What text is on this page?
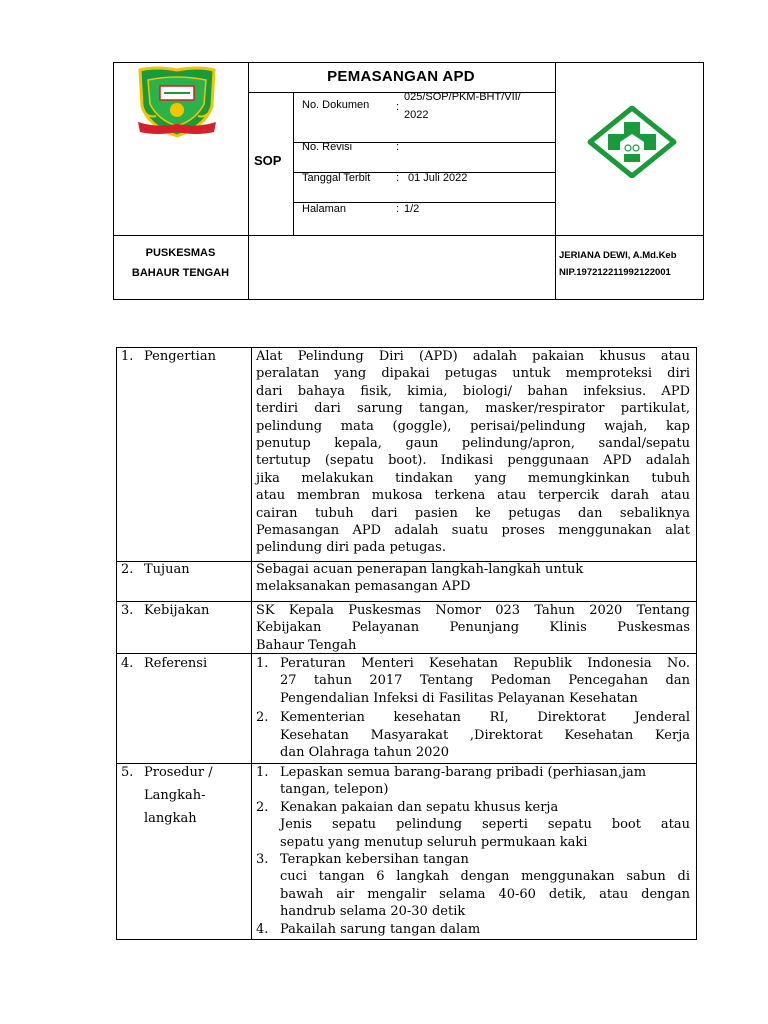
PEMASANGAN APD
SOP
No. Dokumen :
025/SOP/PKM-BHT/VII/
2022
No. Revisi	:
Tanggal Terbit : 01 Juli 2022
Halaman	: 1/2
PUSKESMAS
BAHAUR TENGAH
JERIANA DEWI, A.Md.Keb
NIP.197212211992122001
1. Pengertian
2. Tujuan
3. Kebijakan
4. Referensi
5. Prosedur /
Langkah-
langkah
Alat Pelindung Diri (APD) adalah pakaian khusus atau
peralatan yang dipakai petugas untuk memproteksi diri
dari bahaya fisik, kimia, biologi/ bahan infeksius. APD
terdiri dari sarung tangan, masker/respirator partikulat,
pelindung mata (goggle), perisai/pelindung wajah, kap
penutup kepala, gaun pelindung/apron, sandal/sepatu
tertutup (sepatu boot). Indikasi penggunaan APD adalah
jika melakukan tindakan yang memungkinkan tubuh
atau membran mukosa terkena atau terpercik darah atau
cairan tubuh dari pasien ke petugas dan sebaliknya
Pemasangan APD adalah suatu proses menggunakan alat
pelindung diri pada petugas.
Sebagai acuan penerapan langkah-langkah untuk
melaksanakan pemasangan APD
SK Kepala Puskesmas Nomor 023 Tahun 2020 Tentang
Kebijakan Pelayanan Penunjang Klinis Puskesmas
Bahaur Tengah
1. Peraturan Menteri Kesehatan Republik Indonesia No.
27 tahun 2017 Tentang Pedoman Pencegahan dan
Pengendalian Infeksi di Fasilitas Pelayanan Kesehatan
2. Kementerian kesehatan RI, Direktorat Jenderal
Kesehatan Masyarakat ,Direktorat Kesehatan Kerja
dan Olahraga tahun 2020
1. Lepaskan semua barang-barang pribadi (perhiasan,jam
tangan, telepon)
2. Kenakan pakaian dan sepatu khusus kerja
Jenis sepatu pelindung seperti sepatu boot atau
sepatu yang menutup seluruh permukaan kaki
3. Terapkan kebersihan tangan
cuci tangan 6 langkah dengan menggunakan sabun di
bawah air mengalir selama 40-60 detik, atau dengan
handrub selama 20-30 detik
4. Pakailah sarung tangan dalam
